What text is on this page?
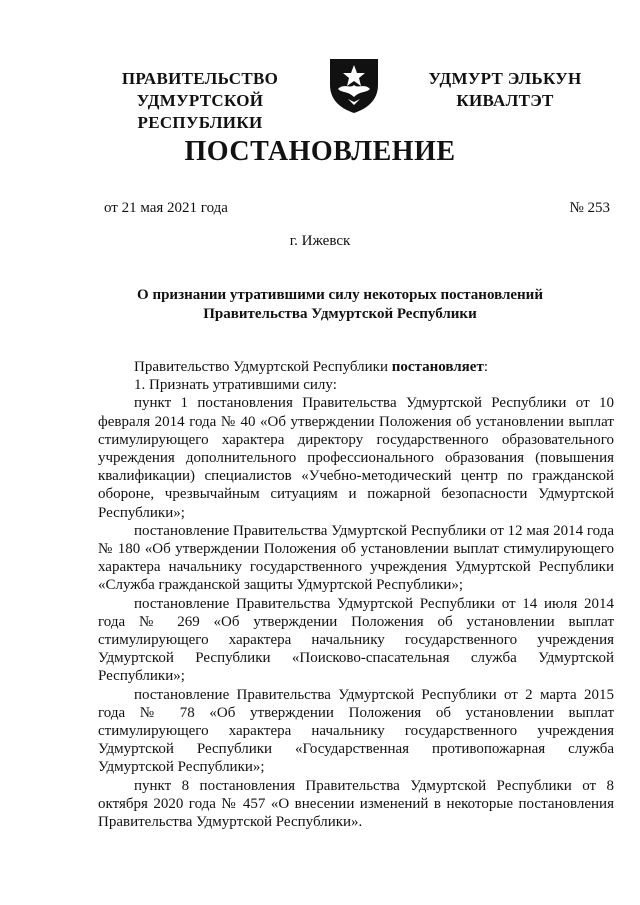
ПРАВИТЕЛЬСТВО
УДМУРТСКОЙ РЕСПУБЛИКИ
УДМУРТ ЭЛЬКУН
КИВАЛТЭТ
ПОСТАНОВЛЕНИЕ
от 21 мая 2021 года	№ 253
г. Ижевск
О признании утратившими силу некоторых постановлений
Правительства Удмуртской Республики

Правительство Удмуртской Республики постановляет:

1. Признать утратившими силу:

пункт 1 постановления Правительства Удмуртской Республики от 10 февраля 2014 года № 40 «Об утверждении Положения об установлении выплат стимулирующего характера директору государственного образовательного учреждения дополнительного профессионального образования (повышения квалификации) специалистов «Учебно-методический центр по гражданской обороне, чрезвычайным ситуациям и пожарной безопасности Удмуртской Республики»;

постановление Правительства Удмуртской Республики от 12 мая 2014 года № 180 «Об утверждении Положения об установлении выплат стимулирующего характера начальнику государственного учреждения Удмуртской Республики «Служба гражданской защиты Удмуртской Республики»;

постановление Правительства Удмуртской Республики от 14 июля 2014 года № 269 «Об утверждении Положения об установлении выплат стимулирующего характера начальнику государственного учреждения Удмуртской Республики «Поисково-спасательная служба Удмуртской Республики»;

постановление Правительства Удмуртской Республики от 2 марта 2015 года № 78 «Об утверждении Положения об установлении выплат стимулирующего характера начальнику государственного учреждения Удмуртской Республики «Государственная противопожарная служба Удмуртской Республики»;

пункт 8 постановления Правительства Удмуртской Республики от 8 октября 2020 года № 457 «О внесении изменений в некоторые постановления Правительства Удмуртской Республики».
